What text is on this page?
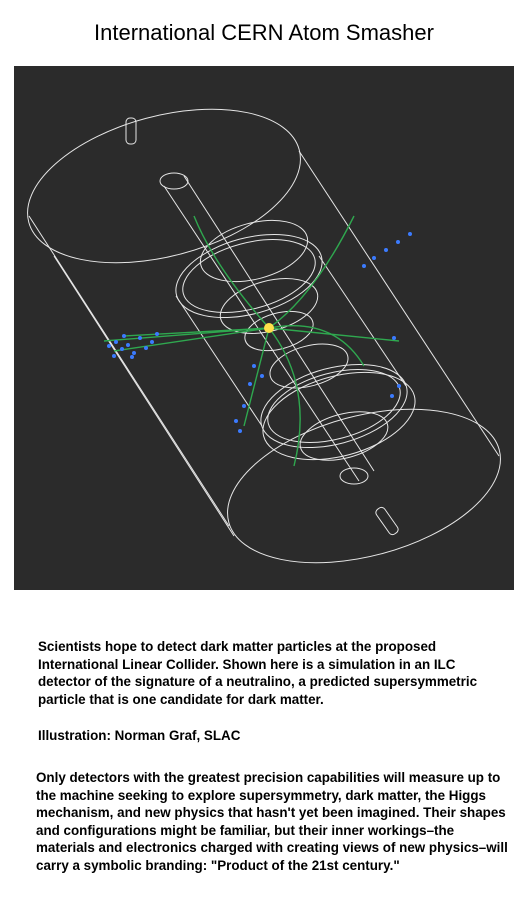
International CERN Atom Smasher
Scientists hope to detect dark matter particles at the proposed International Linear Collider. Shown here is a simulation in an ILC detector of the signature of a neutralino, a predicted supersymmetric particle that is one candidate for dark matter.
Illustration: Norman Graf, SLAC
Only detectors with the greatest precision capabilities will measure up to the machine seeking to explore supersymmetry, dark matter, the Higgs mechanism, and new physics that hasn't yet been imagined. Their shapes and configurations might be familiar, but their inner workings–the materials and electronics charged with creating views of new physics–will carry a symbolic branding: "Product of the 21st century."
